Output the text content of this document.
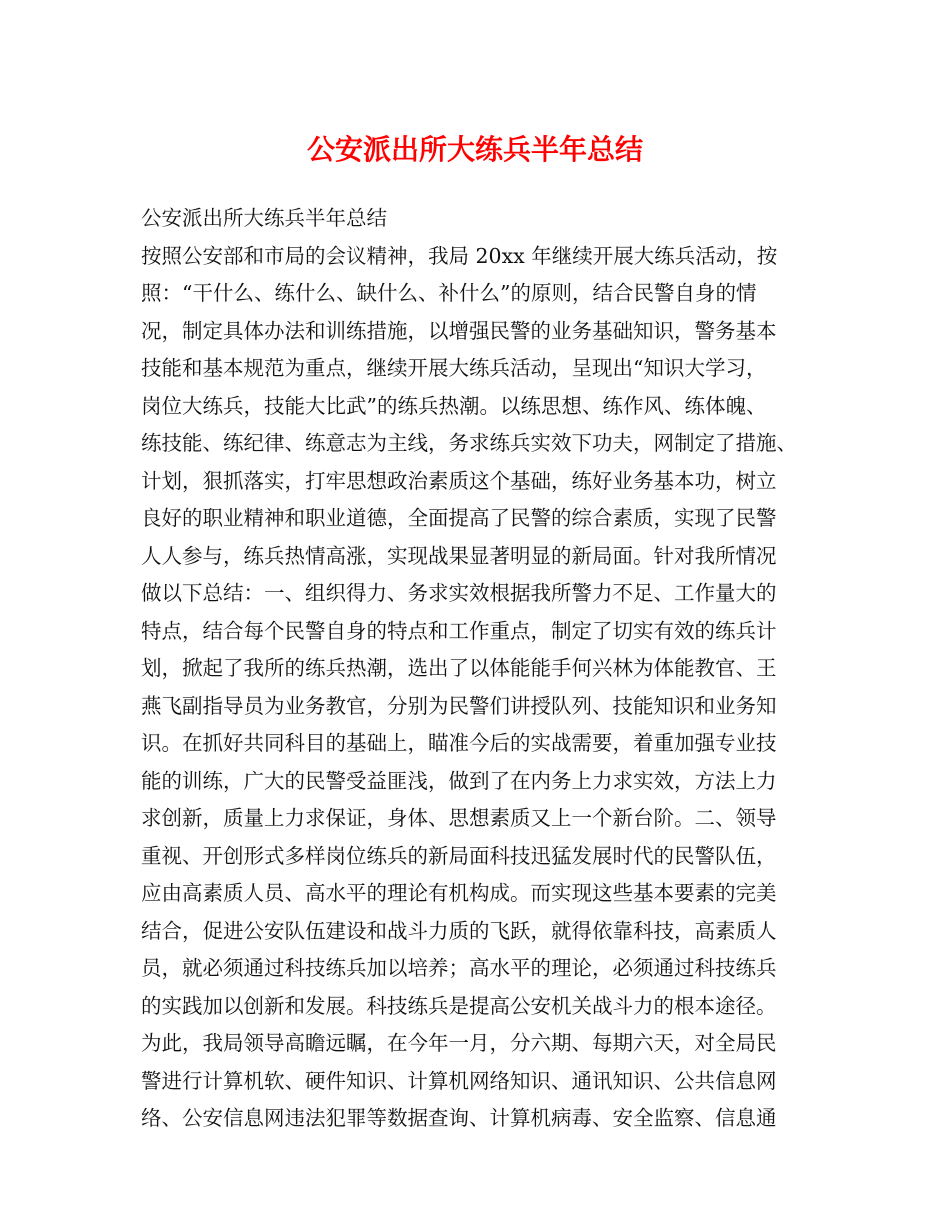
公安派出所大练兵半年总结

公安派出所大练兵半年总结

按照公安部和市局的会议精神，我局 20xx 年继续开展大练兵活动，按

照：“干什么、练什么、缺什么、补什么”的原则，结合民警自身的情

况，制定具体办法和训练措施，以增强民警的业务基础知识，警务基本

技能和基本规范为重点，继续开展大练兵活动，呈现出“知识大学习，

岗位大练兵，技能大比武”的练兵热潮。以练思想、练作风、练体魄、

练技能、练纪律、练意志为主线，务求练兵实效下功夫，网制定了措施、

计划，狠抓落实，打牢思想政治素质这个基础，练好业务基本功，树立

良好的职业精神和职业道德，全面提高了民警的综合素质，实现了民警

人人参与，练兵热情高涨，实现战果显著明显的新局面。针对我所情况

做以下总结：一、组织得力、务求实效根据我所警力不足、工作量大的

特点，结合每个民警自身的特点和工作重点，制定了切实有效的练兵计

划，掀起了我所的练兵热潮，选出了以体能能手何兴林为体能教官、王

燕飞副指导员为业务教官，分别为民警们讲授队列、技能知识和业务知

识。在抓好共同科目的基础上，瞄准今后的实战需要，着重加强专业技

能的训练，广大的民警受益匪浅，做到了在内务上力求实效，方法上力

求创新，质量上力求保证，身体、思想素质又上一个新台阶。二、领导

重视、开创形式多样岗位练兵的新局面科技迅猛发展时代的民警队伍，

应由高素质人员、高水平的理论有机构成。而实现这些基本要素的完美

结合，促进公安队伍建设和战斗力质的飞跃，就得依靠科技，高素质人

员，就必须通过科技练兵加以培养；高水平的理论，必须通过科技练兵

的实践加以创新和发展。科技练兵是提高公安机关战斗力的根本途径。

为此，我局领导高瞻远瞩，在今年一月，分六期、每期六天，对全局民

警进行计算机软、硬件知识、计算机网络知识、通讯知识、公共信息网

络、公安信息网违法犯罪等数据查询、计算机病毒、安全监察、信息通
